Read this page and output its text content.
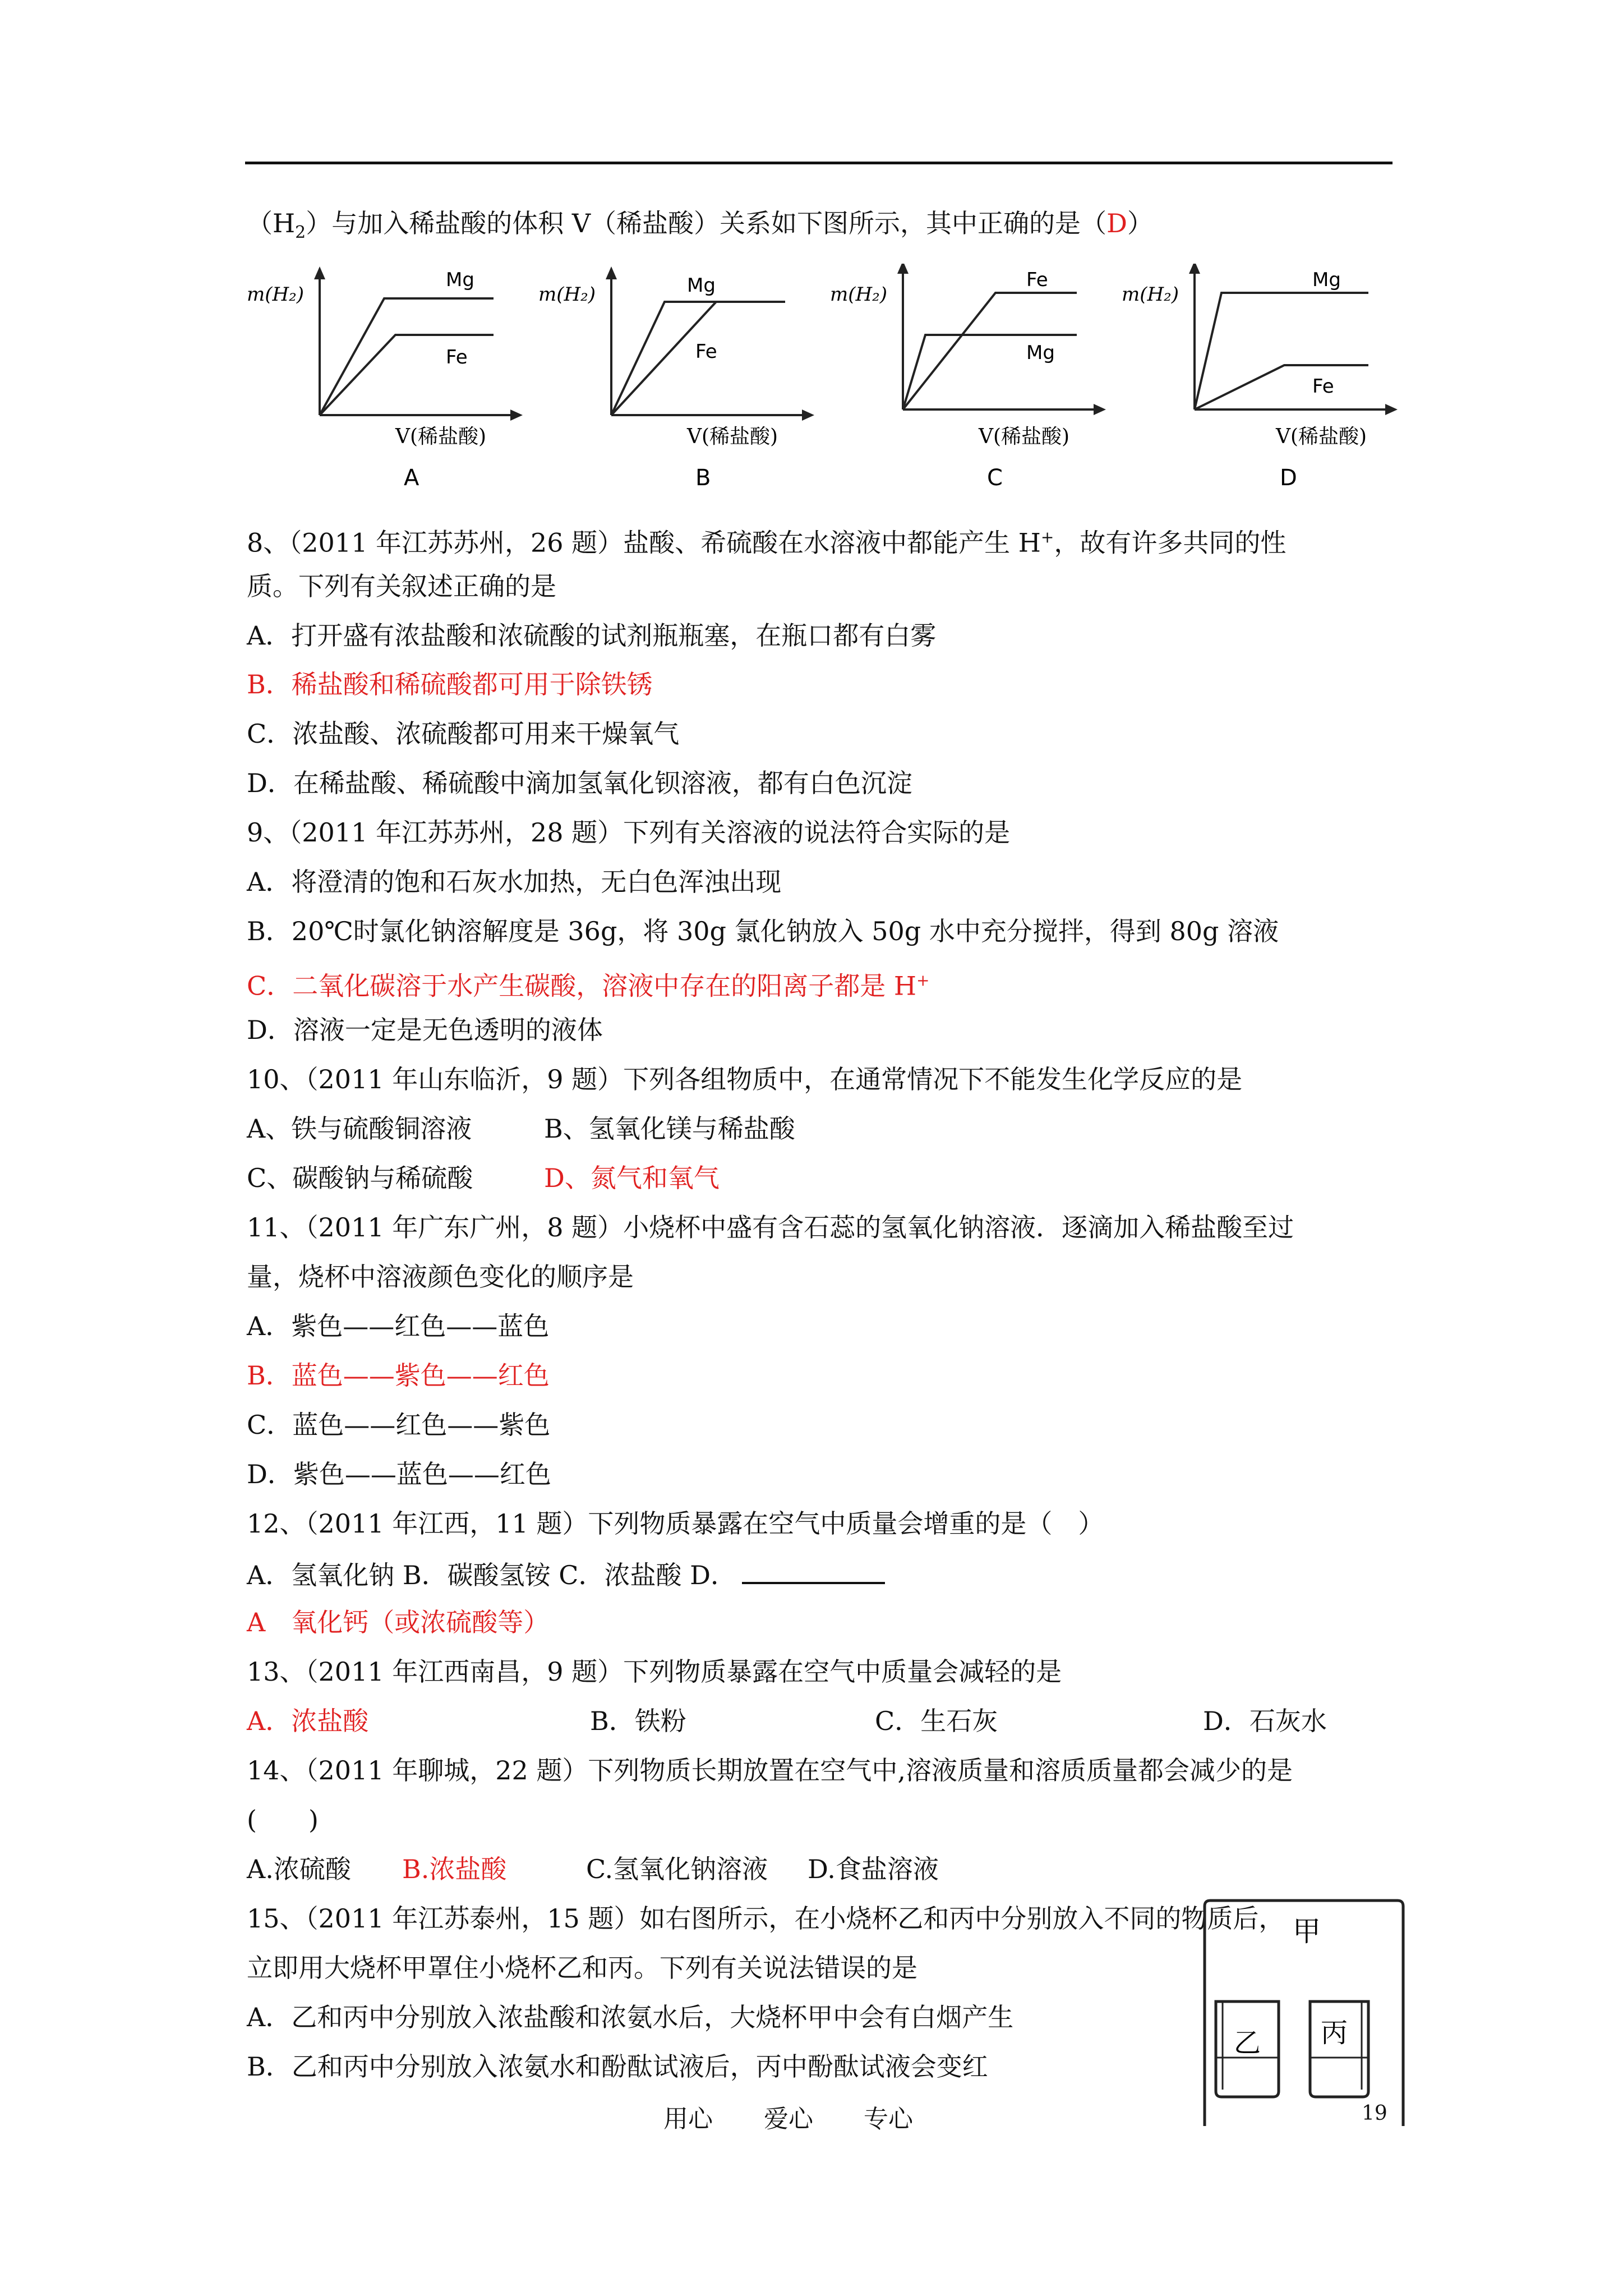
$(H_2)$与加入稀盐酸的体积 V（稀盐酸）关系如下图所示，其中正确的是（D）
m(H₂)
Mg
Fe
V(稀盐酸)
A
m(H₂)	Mg
Fe
V(稀盐酸)
B
m(H₂)
Fe
Mg
V(稀盐酸)
C
m(H₂)
Mg
Fe
V(稀盐酸)
D
8、（2011 年江苏苏州，26 题）盐酸、希硫酸在水溶液中都能产生 H+，故有许多共同的性
质。下列有关叙述正确的是
A．打开盛有浓盐酸和浓硫酸的试剂瓶瓶塞，在瓶口都有白雾
B．稀盐酸和稀硫酸都可用于除铁锈
C．浓盐酸、浓硫酸都可用来干燥氧气
D．在稀盐酸、稀硫酸中滴加氢氧化钡溶液，都有白色沉淀
9、（2011 年江苏苏州，28 题）下列有关溶液的说法符合实际的是
A．将澄清的饱和石灰水加热，无白色浑浊出现
B．20℃时氯化钠溶解度是 36g，将 30g 氯化钠放入 50g 水中充分搅拌，得到 80g 溶液
C．二氧化碳溶于水产生碳酸，溶液中存在的阳离子都是 H+
D．溶液一定是无色透明的液体
10、（2011 年山东临沂，9 题）下列各组物质中，在通常情况下不能发生化学反应的是
A、铁与硫酸铜溶液	B、氢氧化镁与稀盐酸
C、碳酸钠与稀硫酸	D、氮气和氧气
11、（2011 年广东广州，8 题）小烧杯中盛有含石蕊的氢氧化钠溶液．逐滴加入稀盐酸至过
量，烧杯中溶液颜色变化的顺序是
A．紫色——红色——蓝色
B．蓝色——紫色——红色
C．蓝色——红色——紫色
D．紫色——蓝色——红色
12、（2011 年江西，11 题）下列物质暴露在空气中质量会增重的是（　）
A．氢氧化钠 B．碳酸氢铵 C．浓盐酸 D．
A　氧化钙（或浓硫酸等）
13、（2011 年江西南昌，9 题）下列物质暴露在空气中质量会减轻的是
A．浓盐酸	B．铁粉	C．生石灰	D．石灰水
14、（2011 年聊城，22 题）下列物质长期放置在空气中,溶液质量和溶质质量都会减少的是
(　　)
A.浓硫酸 B.浓盐酸	C.氢氧化钠溶液 D.食盐溶液
15、（2011 年江苏泰州，15 题）如右图所示，在小烧杯乙和丙中分别放入不同的物质后，
立即用大烧杯甲罩住小烧杯乙和丙。下列有关说法错误的是
A．乙和丙中分别放入浓盐酸和浓氨水后，大烧杯甲中会有白烟产生
B．乙和丙中分别放入浓氨水和酚酞试液后，丙中酚酞试液会变红
甲
乙 丙
用心 爱心 专心	19
